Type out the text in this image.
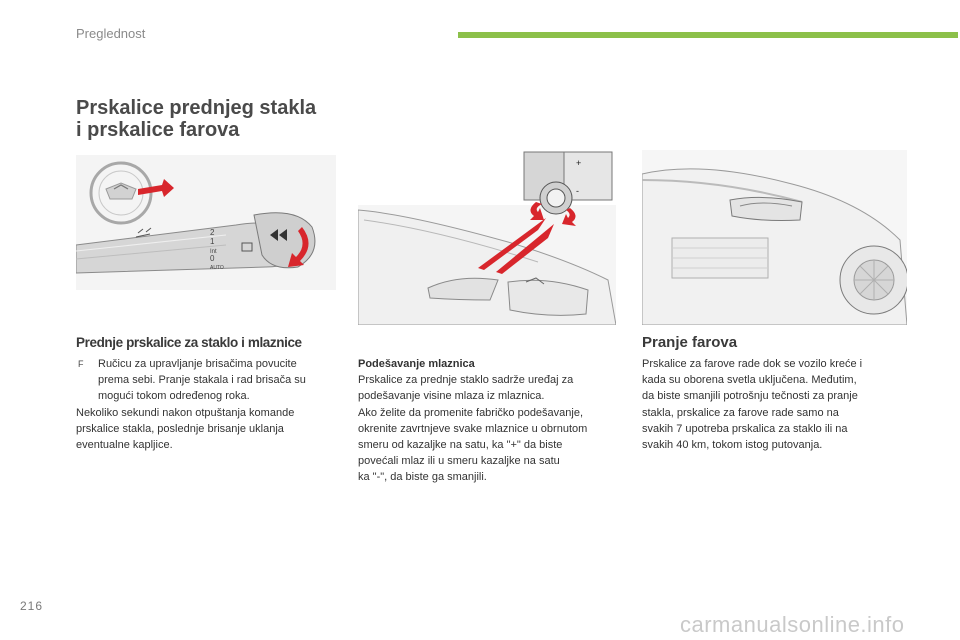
Preglednost
Prskalice prednjeg stakla
i prskalice farova
2
1
Int
0
AUTO
+
-
Prednje prskalice za staklo i mlaznice
F Ručicu za upravljanje brisačima povucite

prema sebi. Pranje stakala i rad brisača su

mogući tokom određenog roka.

Nekoliko sekundi nakon otpuštanja komande

prskalice stakla, poslednje brisanje uklanja

eventualne kapljice.

Podešavanje mlaznica

Prskalice za prednje staklo sadrže uređaj za

podešavanje visine mlaza iz mlaznica.

Ako želite da promenite fabričko podešavanje,

okrenite zavrtnjeve svake mlaznice u obrnutom

smeru od kazaljke na satu, ka "+" da biste

povećali mlaz ili u smeru kazaljke na satu

ka "-", da biste ga smanjili.

Pranje farova

Prskalice za farove rade dok se vozilo kreće i

kada su oborena svetla uključena. Međutim,

da biste smanjili potrošnju tečnosti za pranje

stakla, prskalice za farove rade samo na

svakih 7 upotreba prskalica za staklo ili na

svakih 40 km, tokom istog putovanja.

216
carmanualsonline.info
